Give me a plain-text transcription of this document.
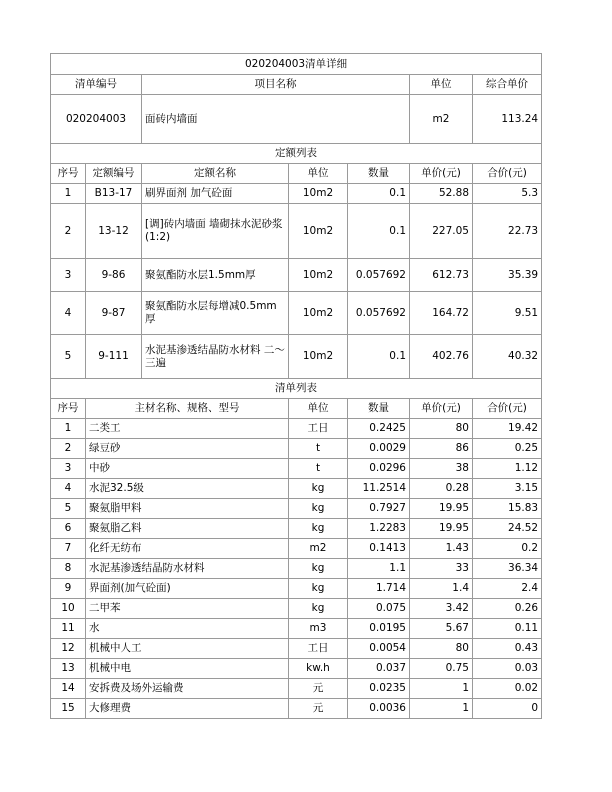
020204003清单详细						
清单编号		项目名称			单位	综合单价
020204003		面砖内墙面			m2	113.24
定额列表						
序号	定额编号	定额名称	单位	数量	单价(元)	合价(元)
1	B13-17	刷界面剂 加气砼面	10m2	0.1	52.88	5.3
2	13-12	[调]砖内墙面 墙砌抹水泥砂浆(1:2)	10m2	0.1	227.05	22.73
3	9-86	聚氨酯防水层1.5mm厚	10m2	0.057692	612.73	35.39
4	9-87	聚氨酯防水层每增减0.5mm厚	10m2	0.057692	164.72	9.51
5	9-111	水泥基渗透结晶防水材料 二～三遍	10m2	0.1	402.76	40.32
清单列表						
序号	主材名称、规格、型号		单位	数量	单价(元)	合价(元)
1	二类工		工日	0.2425	80	19.42
2	绿豆砂		t	0.0029	86	0.25
3	中砂		t	0.0296	38	1.12
4	水泥32.5级		kg	11.2514	0.28	3.15
5	聚氨脂甲料		kg	0.7927	19.95	15.83
6	聚氨脂乙料		kg	1.2283	19.95	24.52
7	化纤无纺布		m2	0.1413	1.43	0.2
8	水泥基渗透结晶防水材料		kg	1.1	33	36.34
9	界面剂(加气砼面)		kg	1.714	1.4	2.4
10	二甲苯		kg	0.075	3.42	0.26
11	水		m3	0.0195	5.67	0.11
12	机械中人工		工日	0.0054	80	0.43
13	机械中电		kw.h	0.037	0.75	0.03
14	安拆费及场外运输费		元	0.0235	1	0.02
15	大修理费		元	0.0036	1	0
